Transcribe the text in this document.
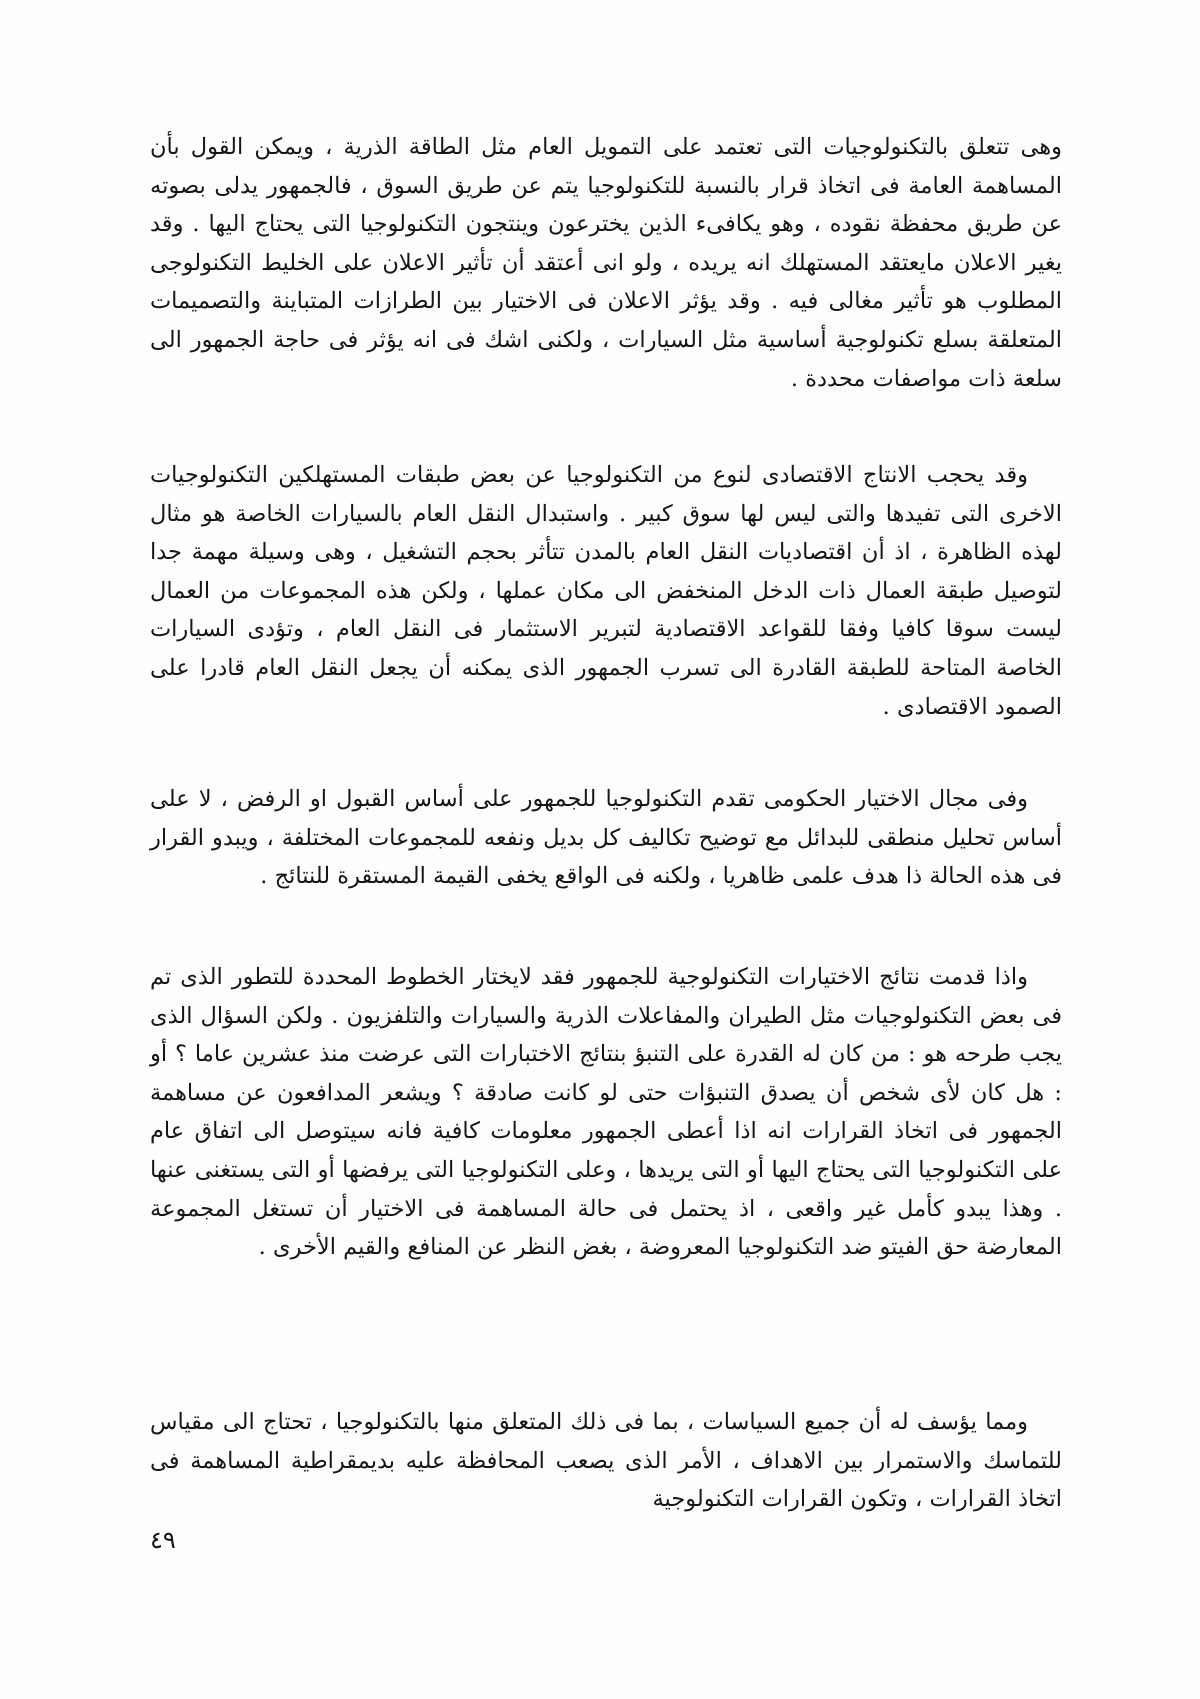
وهى تتعلق بالتكنولوجيات التى تعتمد على التمويل العام مثل الطاقة الذرية ، ويمكن القول بأن المساهمة العامة فى اتخاذ قرار بالنسبة للتكنولوجيا يتم عن طريق السوق ، فالجمهور يدلى بصوته عن طريق محفظة نقوده ، وهو يكافىء الذين يخترعون وينتجون التكنولوجيا التى يحتاج اليها . وقد يغير الاعلان مايعتقد المستهلك انه يريده ، ولو انى أعتقد أن تأثير الاعلان على الخليط التكنولوجى المطلوب هو تأثير مغالى فيه . وقد يؤثر الاعلان فى الاختيار بين الطرازات المتباينة والتصميمات المتعلقة بسلع تكنولوجية أساسية مثل السيارات ، ولكنى اشك فى انه يؤثر فى حاجة الجمهور الى سلعة ذات مواصفات محددة .

وقد يحجب الانتاج الاقتصادى لنوع من التكنولوجيا عن بعض طبقات المستهلكين التكنولوجيات الاخرى التى تفيدها والتى ليس لها سوق كبير . واستبدال النقل العام بالسيارات الخاصة هو مثال لهذه الظاهرة ، اذ أن اقتصاديات النقل العام بالمدن تتأثر بحجم التشغيل ، وهى وسيلة مهمة جدا لتوصيل طبقة العمال ذات الدخل المنخفض الى مكان عملها ، ولكن هذه المجموعات من العمال ليست سوقا كافيا وفقا للقواعد الاقتصادية لتبرير الاستثمار فى النقل العام ، وتؤدى السيارات الخاصة المتاحة للطبقة القادرة الى تسرب الجمهور الذى يمكنه أن يجعل النقل العام قادرا على الصمود الاقتصادى .

وفى مجال الاختيار الحكومى تقدم التكنولوجيا للجمهور على أساس القبول او الرفض ، لا على أساس تحليل منطقى للبدائل مع توضيح تكاليف كل بديل ونفعه للمجموعات المختلفة ، ويبدو القرار فى هذه الحالة ذا هدف علمى ظاهريا ، ولكنه فى الواقع يخفى القيمة المستقرة للنتائج .

واذا قدمت نتائج الاختيارات التكنولوجية للجمهور فقد لايختار الخطوط المحددة للتطور الذى تم فى بعض التكنولوجيات مثل الطيران والمفاعلات الذرية والسيارات والتلفزيون . ولكن السؤال الذى يجب طرحه هو : من كان له القدرة على التنبؤ بنتائج الاختبارات التى عرضت منذ عشرين عاما ؟ أو : هل كان لأى شخص أن يصدق التنبؤات حتى لو كانت صادقة ؟ ويشعر المدافعون عن مساهمة الجمهور فى اتخاذ القرارات انه اذا أعطى الجمهور معلومات كافية فانه سيتوصل الى اتفاق عام على التكنولوجيا التى يحتاج اليها أو التى يريدها ، وعلى التكنولوجيا التى يرفضها أو التى يستغنى عنها . وهذا يبدو كأمل غير واقعى ، اذ يحتمل فى حالة المساهمة فى الاختيار أن تستغل المجموعة المعارضة حق الفيتو ضد التكنولوجيا المعروضة ، بغض النظر عن المنافع والقيم الأخرى .

ومما يؤسف له أن جميع السياسات ، بما فى ذلك المتعلق منها بالتكنولوجيا ، تحتاج الى مقياس للتماسك والاستمرار بين الاهداف ، الأمر الذى يصعب المحافظة عليه بديمقراطية المساهمة فى اتخاذ القرارات ، وتكون القرارات التكنولوجية

٤٩
